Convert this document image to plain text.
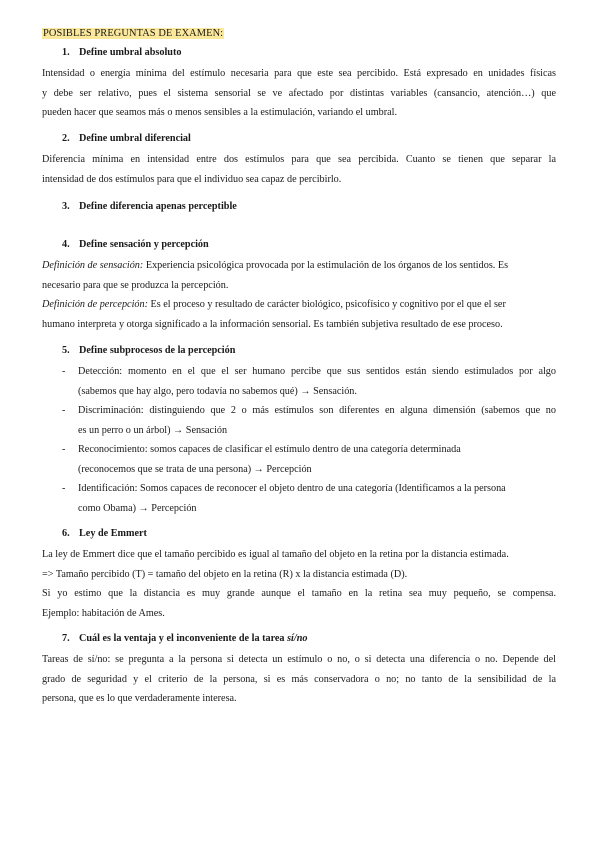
POSIBLES PREGUNTAS DE EXAMEN:
1. Define umbral absoluto
Intensidad o energía mínima del estímulo necesaria para que este sea percibido. Está expresado en unidades físicas
y debe ser relativo, pues el sistema sensorial se ve afectado por distintas variables (cansancio, atención…) que
pueden hacer que seamos más o menos sensibles a la estimulación, variando el umbral.
2. Define umbral diferencial
Diferencia mínima en intensidad entre dos estímulos para que sea percibida. Cuanto se tienen que separar la
intensidad de dos estímulos para que el individuo sea capaz de percibirlo.
3. Define diferencia apenas perceptible
4. Define sensación y percepción
Definición de sensación: Experiencia psicológica provocada por la estimulación de los órganos de los sentidos. Es
necesario para que se produzca la percepción.
Definición de percepción: Es el proceso y resultado de carácter biológico, psicofísico y cognitivo por el que el ser
humano interpreta y otorga significado a la información sensorial. Es también subjetiva resultado de ese proceso.
5. Define subprocesos de la percepción
- Detección: momento en el que el ser humano percibe que sus sentidos están siendo estimulados por algo
(sabemos que hay algo, pero todavía no sabemos qué) → Sensación.
- Discriminación: distinguiendo que 2 o más estímulos son diferentes en alguna dimensión (sabemos que no
es un perro o un árbol) → Sensación
- Reconocimiento: somos capaces de clasificar el estímulo dentro de una categoría determinada
(reconocemos que se trata de una persona) → Percepción
- Identificación: Somos capaces de reconocer el objeto dentro de una categoría (Identificamos a la persona
como Obama) → Percepción
6. Ley de Emmert
La ley de Emmert dice que el tamaño percibido es igual al tamaño del objeto en la retina por la distancia estimada.
=> Tamaño percibido (T) = tamaño del objeto en la retina (R) x la distancia estimada (D).
Si yo estimo que la distancia es muy grande aunque el tamaño en la retina sea muy pequeño, se compensa.
Ejemplo: habitación de Ames.
7. Cuál es la ventaja y el inconveniente de la tarea sí/no
Tareas de sí/no: se pregunta a la persona si detecta un estímulo o no, o si detecta una diferencia o no. Depende del
grado de seguridad y el criterio de la persona, si es más conservadora o no; no tanto de la sensibilidad de la
persona, que es lo que verdaderamente interesa.
